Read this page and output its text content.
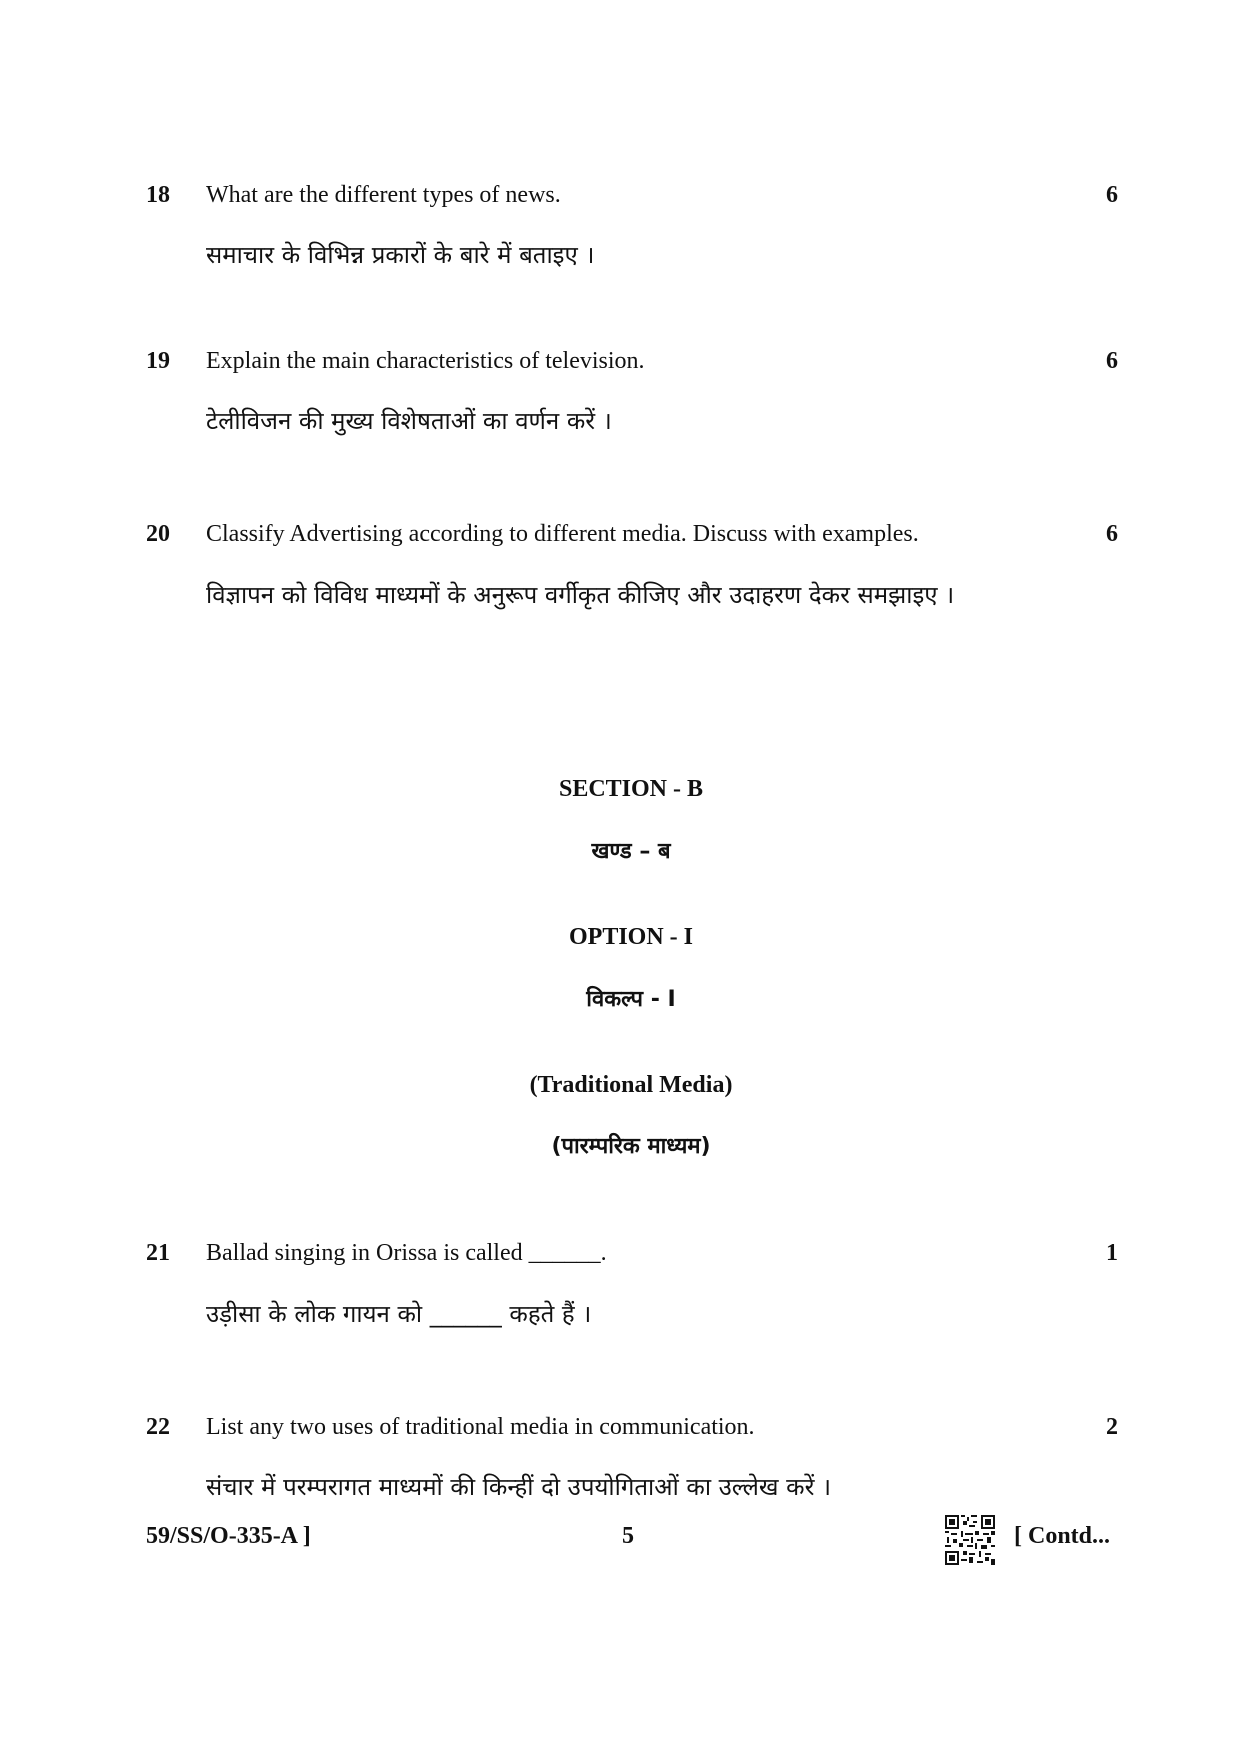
18 What are the different types of news.	6
समाचार के विभिन्न प्रकारों के बारे में बताइए ।
19 Explain the main characteristics of television.	6
टेलीविजन की मुख्य विशेषताओं का वर्णन करें ।
20 Classify Advertising according to different media. Discuss with examples.	6
विज्ञापन को विविध माध्यमों के अनुरूप वर्गीकृत कीजिए और उदाहरण देकर समझाइए ।
SECTION - B
खण्ड – ब
OPTION - I
विकल्प - I
(Traditional Media)
(पारम्परिक माध्यम)
21 Ballad singing in Orissa is called ______.	1
उड़ीसा के लोक गायन को ______ कहते हैं ।
22 List any two uses of traditional media in communication.	2
संचार में परम्परागत माध्यमों की किन्हीं दो उपयोगिताओं का उल्लेख करें ।
59/SS/O-335-A ]	5	[ Contd...
